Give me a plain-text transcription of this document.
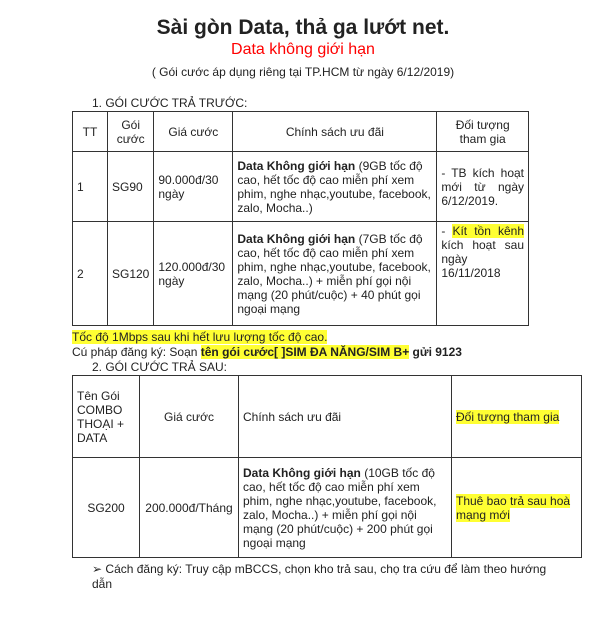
Sài gòn Data, thả ga lướt net.
Data không giới hạn
( Gói cước áp dụng riêng tại TP.HCM từ ngày 6/12/2019)
1. GÓI CƯỚC TRẢ TRƯỚC:
TT	Gói cước	Giá cước	Chính sách ưu đãi	Đối tượng tham gia
1	SG90	90.000đ/30 ngày	Data Không giới hạn (9GB tốc độ cao, hết tốc độ cao miễn phí xem phim, nghe nhạc,youtube, facebook, zalo, Mocha..)	- TB kích hoạt mới từ ngày 6/12/2019.
2	SG120	120.000đ/30 ngày	Data Không giới hạn (7GB tốc độ cao, hết tốc độ cao miễn phí xem phim, nghe nhạc,youtube, facebook, zalo, Mocha..) + miễn phí gọi nội mạng (20 phút/cuộc) + 40 phút gọi ngoại mạng	- Kít tồn kênh kích hoạt sau ngày 16/11/2018
Tốc độ 1Mbps sau khi hết lưu lượng tốc độ cao.
Cú pháp đăng ký: Soạn tên gói cước[ ]SIM ĐA NĂNG/SIM B+ gửi 9123
2. GÓI CƯỚC TRẢ SAU:
Tên Gói COMBO THOẠI + DATA	Giá cước	Chính sách ưu đãi	Đối tượng tham gia
SG200	200.000đ/Tháng	Data Không giới hạn (10GB tốc độ cao, hết tốc độ cao miễn phí xem phim, nghe nhạc,youtube, facebook, zalo, Mocha..) + miễn phí gọi nội mạng (20 phút/cuộc) + 200 phút gọi ngoại mạng	Thuê bao trả sau hoà mạng mới
➢ Cách đăng ký: Truy cập mBCCS, chọn kho trả sau, chọ tra cứu để làm theo hướng dẫn
